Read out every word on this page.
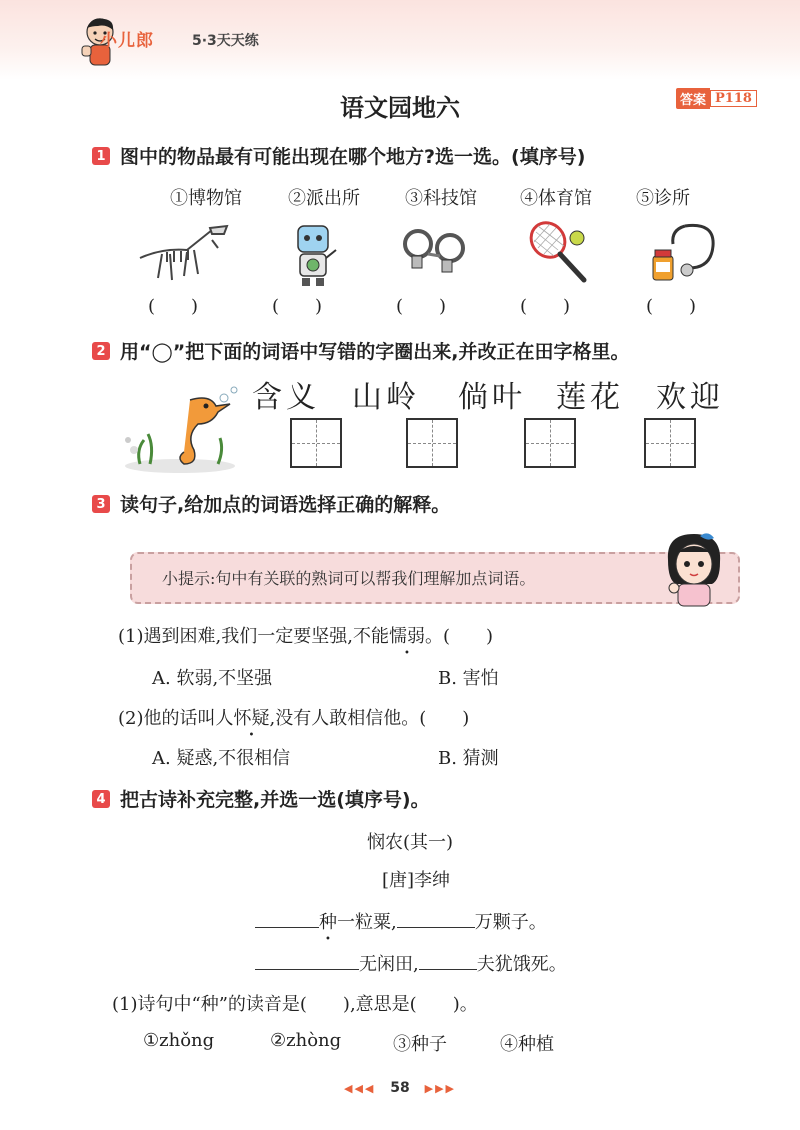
小儿郎	5·3天天练
语文园地六	答案 P118
1 图中的物品最有可能出现在哪个地方?选一选。(填序号)
①博物馆	②派出所	③科技馆 ④体育馆 ⑤诊所
(　　)	(　　)	(　　)	(　　)	(　　)
2 用“◯”把下面的词语中写错的字圈出来,并改正在田字格里。
含义 山岭 倘叶 莲花 欢迎
3 读句子,给加点的词语选择正确的解释。
小提示:句中有关联的熟词可以帮我们理解加点词语。
(1)遇到困难,我们一定要坚强,不能懦弱。(　　)
A. 软弱,不坚强	B. 害怕
(2)他的话叫人怀疑,没有人敢相信他。(　　)
A. 疑惑,不很相信	B. 猜测
4 把古诗补充完整,并选一选(填序号)。
悯农(其一)
[唐]李绅
种一粒粟,	万颗子。
无闲田,	夫犹饿死。
(1)诗句中“种”的读音是(　　),意思是(　　)。
①zhǒng	②zhòng	③种子	④种植
◀◀◀ 58 ▶▶▶
